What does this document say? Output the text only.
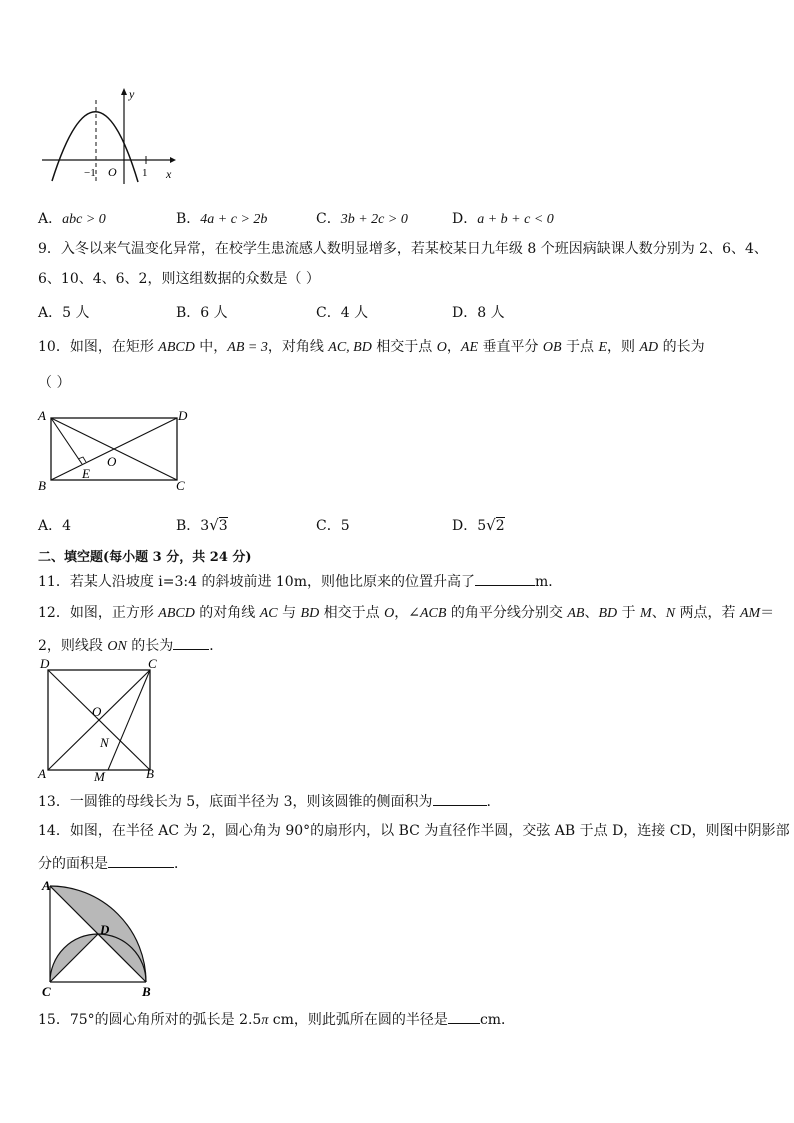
y
x
O
−1	1
A．abc > 0	B．4a + c > 2b	C．3b + 2c > 0	D．a + b + c < 0
9．入冬以来气温变化异常，在校学生患流感人数明显增多，若某校某日九年级 8 个班因病缺课人数分别为 2、6、4、
6、10、4、6、2，则这组数据的众数是（ ）
A．5 人	B．6 人	C．4 人	D．8 人
10．如图，在矩形 ABCD 中，AB = 3，对角线 AC, BD 相交于点 O，AE 垂直平分 OB 于点 E，则 AD 的长为
（ ）
A	D
B	C
O
E
A．4	B．3√3	C．5	D．5√2
二、填空题(每小题 3 分，共 24 分)
11．若某人沿坡度 i=3:4 的斜坡前进 10m，则他比原来的位置升高了	m．
12．如图，正方形 ABCD 的对角线 AC 与 BD 相交于点 O，∠ACB 的角平分线分别交 AB、BD 于 M、N 两点，若 AM＝
2，则线段 ON 的长为	．
D	C
O
N
A	M	B
13．一圆锥的母线长为 5，底面半径为 3，则该圆锥的侧面积为	.
14．如图，在半径 AC 为 2，圆心角为 90°的扇形内，以 BC 为直径作半圆，交弦 AB 于点 D，连接 CD，则图中阴影部
分的面积是	．
A
D
C	B
15．75°的圆心角所对的弧长是 2.5π cm，则此弧所在圆的半径是 cm．
